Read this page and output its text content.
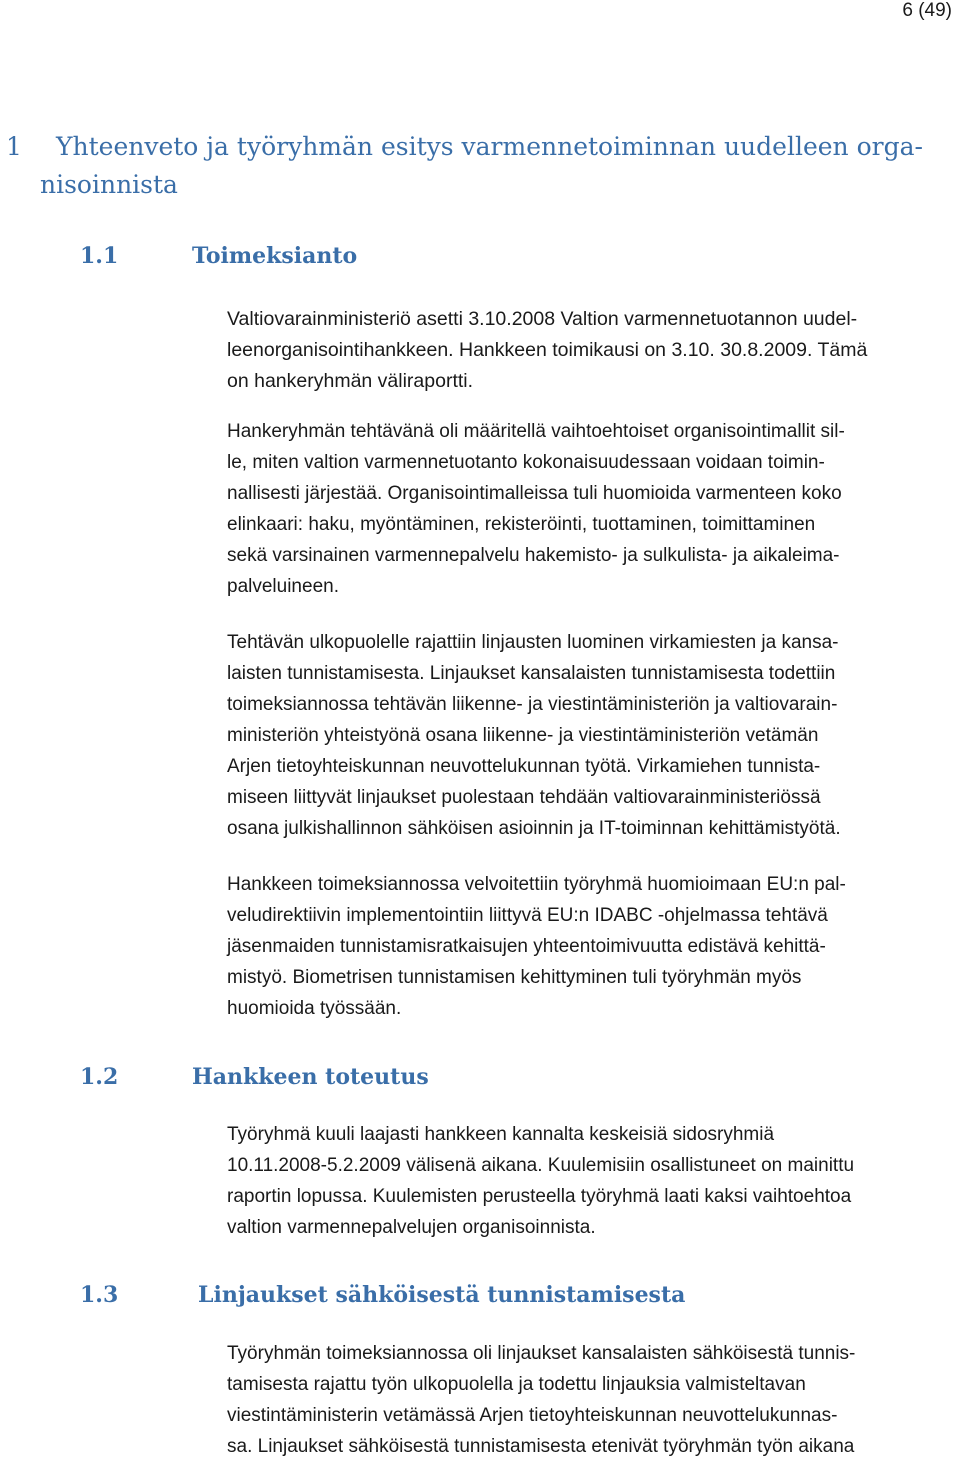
6 (49)
1 Yhteenveto ja työryhmän esitys varmennetoiminnan uudelleen orga-
nisoinnista
1.1	Toimeksianto

Valtiovarainministeriö asetti 3.10.2008 Valtion varmennetuotannon uudel-
leenorganisointihankkeen. Hankkeen toimikausi on 3.10. 30.8.2009. Tämä
on hankeryhmän väliraportti.

Hankeryhmän tehtävänä oli määritellä vaihtoehtoiset organisointimallit sil-
le, miten valtion varmennetuotanto kokonaisuudessaan voidaan toimin-
nallisesti järjestää. Organisointimalleissa tuli huomioida varmenteen koko
elinkaari: haku, myöntäminen, rekisteröinti, tuottaminen, toimittaminen
sekä varsinainen varmennepalvelu hakemisto- ja sulkulista- ja aikaleima-
palveluineen.

Tehtävän ulkopuolelle rajattiin linjausten luominen virkamiesten ja kansa-
laisten tunnistamisesta. Linjaukset kansalaisten tunnistamisesta todettiin
toimeksiannossa tehtävän liikenne- ja viestintäministeriön ja valtiovarain-
ministeriön yhteistyönä osana liikenne- ja viestintäministeriön vetämän
Arjen tietoyhteiskunnan neuvottelukunnan työtä. Virkamiehen tunnista-
miseen liittyvät linjaukset puolestaan tehdään valtiovarainministeriössä
osana julkishallinnon sähköisen asioinnin ja IT-toiminnan kehittämistyötä.

Hankkeen toimeksiannossa velvoitettiin työryhmä huomioimaan EU:n pal-
veludirektiivin implementointiin liittyvä EU:n IDABC -ohjelmassa tehtävä
jäsenmaiden tunnistamisratkaisujen yhteentoimivuutta edistävä kehittä-
mistyö. Biometrisen tunnistamisen kehittyminen tuli työryhmän myös
huomioida työssään.

1.2	Hankkeen toteutus

Työryhmä kuuli laajasti hankkeen kannalta keskeisiä sidosryhmiä
10.11.2008-5.2.2009 välisenä aikana. Kuulemisiin osallistuneet on mainittu
raportin lopussa. Kuulemisten perusteella työryhmä laati kaksi vaihtoehtoa
valtion varmennepalvelujen organisoinnista.

1.3	Linjaukset sähköisestä tunnistamisesta

Työryhmän toimeksiannossa oli linjaukset kansalaisten sähköisestä tunnis-
tamisesta rajattu työn ulkopuolella ja todettu linjauksia valmisteltavan
viestintäministerin vetämässä Arjen tietoyhteiskunnan neuvottelukunnas-
sa. Linjaukset sähköisestä tunnistamisesta etenivät työryhmän työn aikana
